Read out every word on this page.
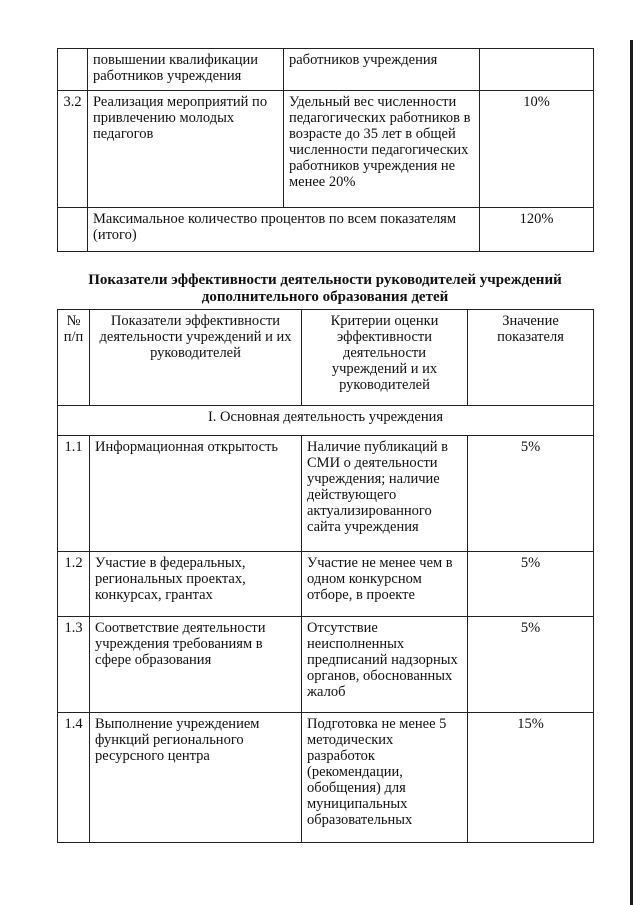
	повышении квалификации работников учреждения	работников учреждения	
3.2	Реализация мероприятий по привлечению молодых педагогов	Удельный вес численности педагогических работников в возрасте до 35 лет в общей численности педагогических работников учреждения не менее 20%	10%
	Максимальное количество процентов по всем показателям (итого)		120%
Показатели эффективности деятельности руководителей учреждений
дополнительного образования детей
№ п/п	Показатели эффективности деятельности учреждений и их руководителей	Критерии оценки эффективности деятельности учреждений и их руководителей	Значение показателя
I. Основная деятельность учреждения			
1.1	Информационная открытость	Наличие публикаций в СМИ о деятельности учреждения; наличие действующего актуализированного сайта учреждения	5%
1.2	Участие в федеральных, региональных проектах, конкурсах, грантах	Участие не менее чем в одном конкурсном отборе, в проекте	5%
1.3	Соответствие деятельности учреждения требованиям в сфере образования	Отсутствие неисполненных предписаний надзорных органов, обоснованных жалоб	5%
1.4	Выполнение учреждением функций регионального ресурсного центра	Подготовка не менее 5 методических разработок (рекомендации, обобщения) для муниципальных образовательных	15%
